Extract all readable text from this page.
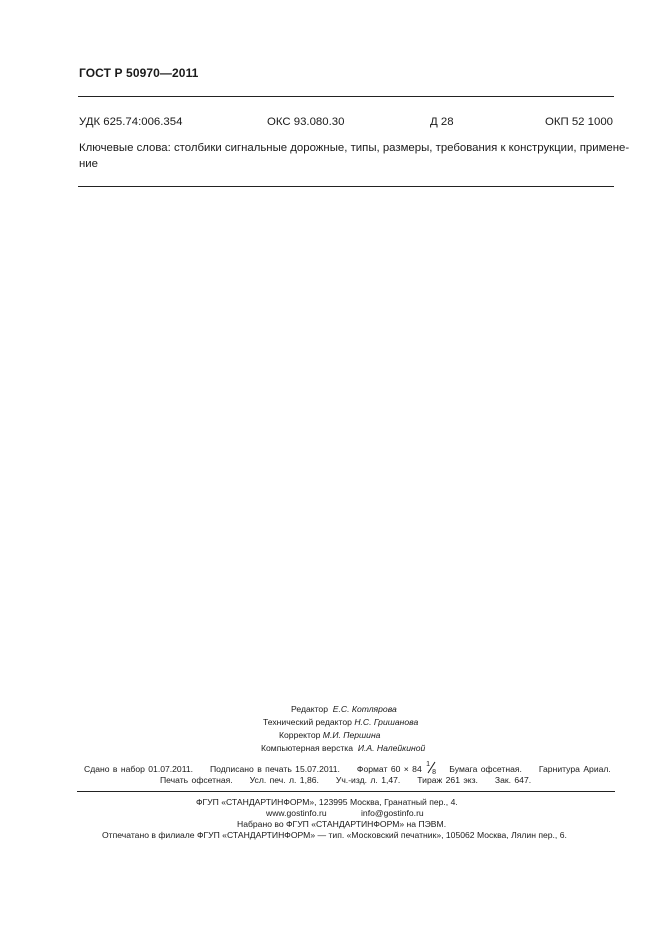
ГОСТ Р 50970—2011
УДК 625.74:006.354	ОКС 93.080.30	Д 28	ОКП 52 1000

Ключевые слова: столбики сигнальные дорожные, типы, размеры, требования к конструкции, примене-

ние

Редактор Е.С. Котлярова
Технический редактор Н.С. Гришанова
Корректор М.И. Першина
Компьютерная верстка И.А. Налейкиной
Сдано в набор 01.07.2011. Подписано в печать 15.07.2011. Формат 60 × 84 1
8 Бумага офсетная. Гарнитура Ариал.
Печать офсетная. Усл. печ. л. 1,86. Уч.-изд. л. 1,47. Тираж 261 экз. Зак. 647.
ФГУП «СТАНДАРТИНФОРМ», 123995 Москва, Гранатный пер., 4.
www.gostinfo.ru	info@gostinfo.ru
Набрано во ФГУП «СТАНДАРТИНФОРМ» на ПЭВМ.
Отпечатано в филиале ФГУП «СТАНДАРТИНФОРМ» — тип. «Московский печатник», 105062 Москва, Лялин пер., 6.
